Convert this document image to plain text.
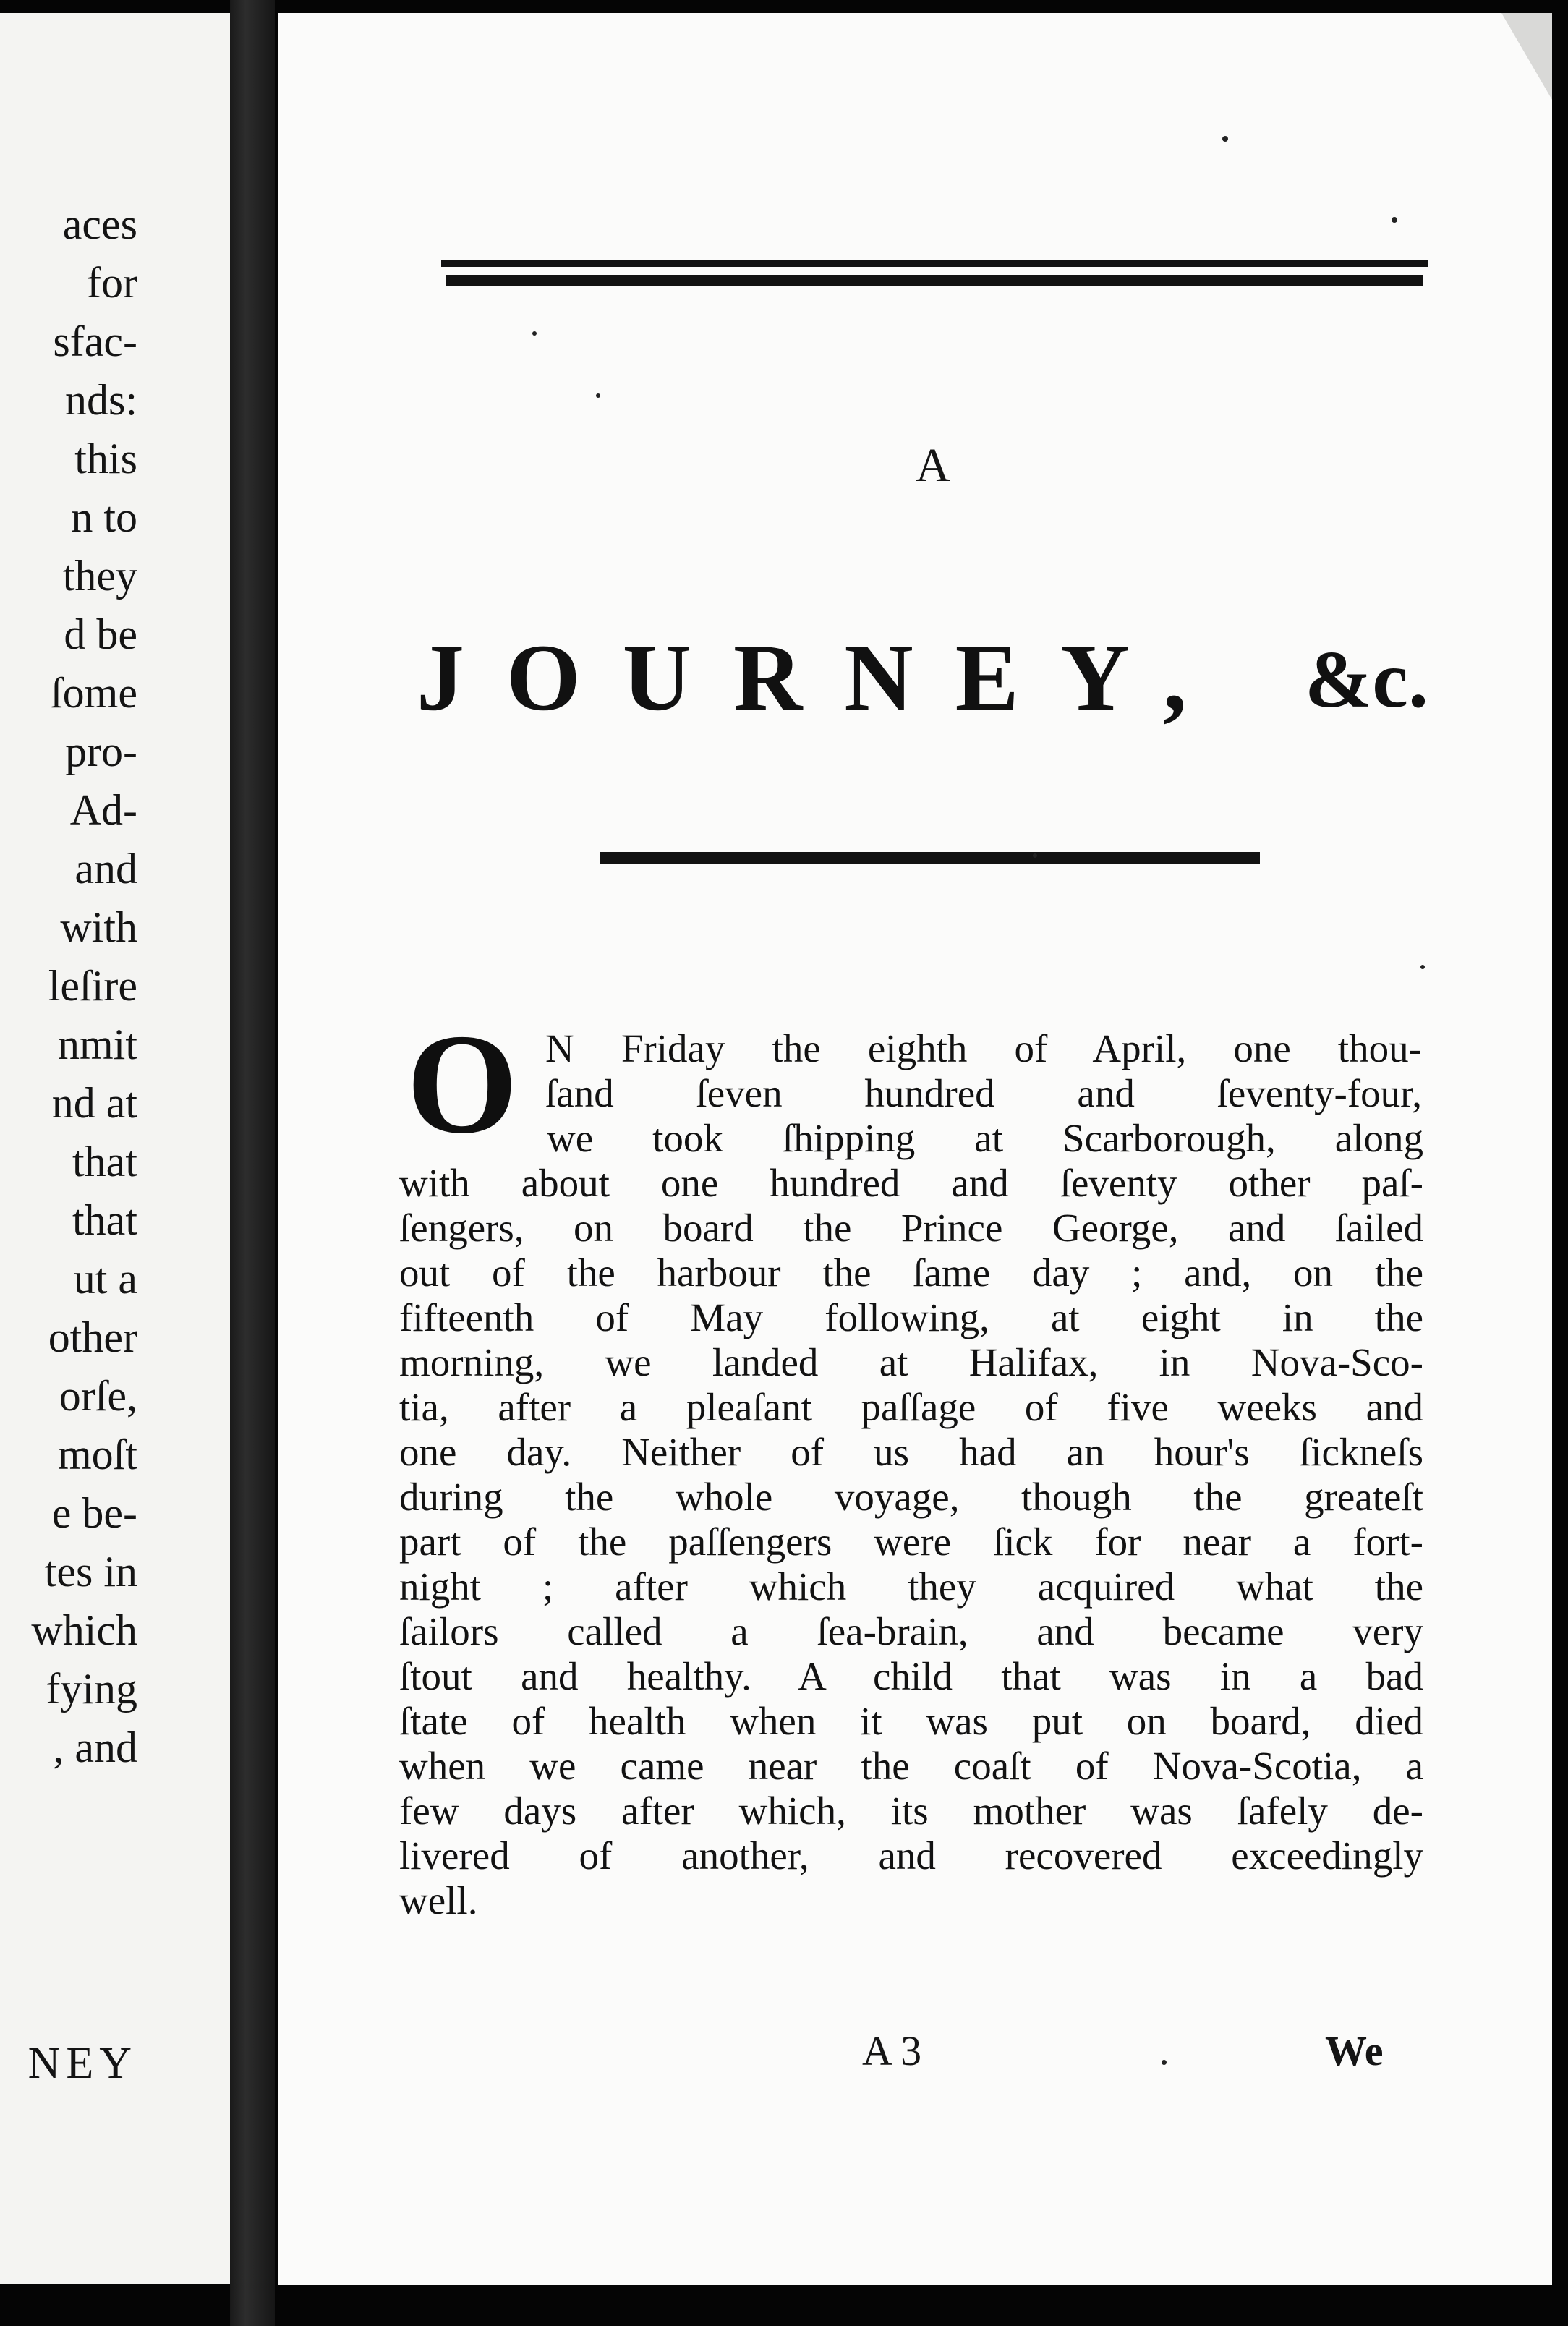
aces
for
sfac-
nds:
this
n to
they
d be
ſome
pro-
Ad-
and
with
leſire
nmit
nd at
that
that
ut a
other
orſe,
moſt
e be-
tes in
which
fying
, and
NEY
A
JOURNEY, &c.
O N Friday the eighth of April, one thou-
ſand ſeven hundred and ſeventy-four,
we took ſhipping at Scarborough, along
with about one hundred and ſeventy other paſ-
ſengers, on board the Prince George, and ſailed
out of the harbour the ſame day ; and, on the
fifteenth of May following, at eight in the
morning, we landed at Halifax, in Nova-Sco-
tia, after a pleaſant paſſage of five weeks and
one day. Neither of us had an hour's ſickneſs
during the whole voyage, though the greateſt
part of the paſſengers were ſick for near a fort-
night ; after which they acquired what the
ſailors called a ſea-brain, and became very
ſtout and healthy. A child that was in a bad
ſtate of health when it was put on board, died
when we came near the coaſt of Nova-Scotia, a
few days after which, its mother was ſafely de-
livered of another, and recovered exceedingly
well.
A 3	We
